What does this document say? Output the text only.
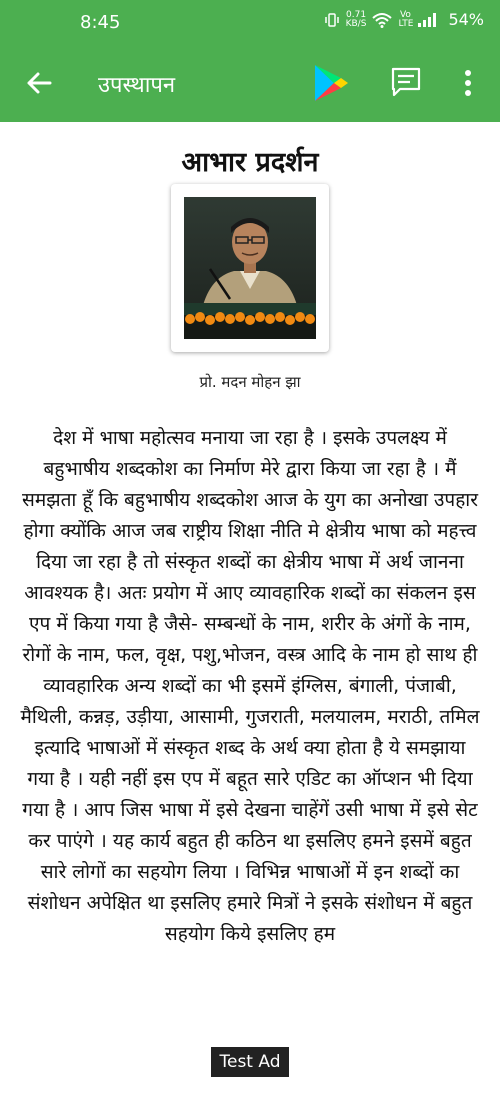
8:45	0.71
KB/S
Vo LTE 54%
उपस्थापन
आभार प्रदर्शन
प्रो. मदन मोहन झा
देश में भाषा महोत्सव मनाया जा रहा है । इसके उपलक्ष्य में बहुभाषीय शब्दकोश का निर्माण मेरे द्वारा किया जा रहा है । मैं समझता हूँ कि बहुभाषीय शब्दकोश आज के युग का अनोखा उपहार होगा क्योंकि आज जब राष्ट्रीय शिक्षा नीति मे क्षेत्रीय भाषा को महत्त्व दिया जा रहा है तो संस्कृत शब्दों का क्षेत्रीय भाषा में अर्थ जानना आवश्यक है। अतः प्रयोग में आए व्यावहारिक शब्दों का संकलन इस एप में किया गया है जैसे- सम्बन्धों के नाम, शरीर के अंगों के नाम, रोगों के नाम, फल, वृक्ष, पशु,भोजन, वस्त्र आदि के नाम हो साथ ही व्यावहारिक अन्य शब्दों का भी इसमें इंग्लिस, बंगाली, पंजाबी, मैथिली, कन्नड़, उड़ीया, आसामी, गुजराती, मलयालम, मराठी, तमिल इत्यादि भाषाओं में संस्कृत शब्द के अर्थ क्या होता है ये समझाया गया है । यही नहीं इस एप में बहूत सारे एडिट का ऑप्शन भी दिया गया है । आप जिस भाषा में इसे देखना चाहेंगें उसी भाषा में इसे सेट कर पाएंगे । यह कार्य बहुत ही कठिन था इसलिए हमने इसमें बहुत सारे लोगों का सहयोग लिया । विभिन्न भाषाओं में इन शब्दों का संशोधन अपेक्षित था इसलिए हमारे मित्रों ने इसके संशोधन में बहुत सहयोग किये इसलिए हम
Test Ad
